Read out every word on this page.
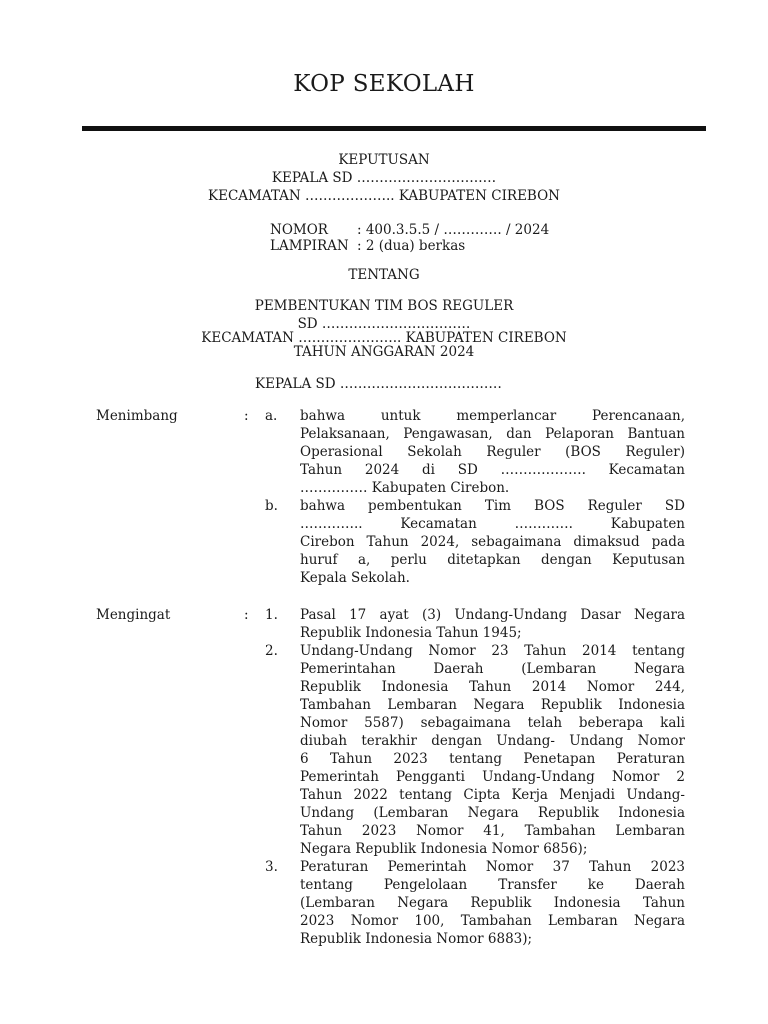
KOP SEKOLAH
KEPUTUSAN
KEPALA SD ……………………….…
KECAMATAN ……………….. KABUPATEN CIREBON
NOMOR : 400.3.5.5 / …………. / 2024
LAMPIRAN : 2 (dua) berkas
TENTANG
PEMBENTUKAN TIM BOS REGULER
SD ……………………………
KECAMATAN ………………….. KABUPATEN CIREBON
TAHUN ANGGARAN 2024
KEPALA SD ………………………………
Menimbang	: a. bahwa untuk memperlancar Perencanaan,
Pelaksanaan, Pengawasan, dan Pelaporan Bantuan
Operasional Sekolah Reguler (BOS Reguler)
Tahun 2024 di SD ………………. Kecamatan
…………… Kabupaten Cirebon.
b. bahwa pembentukan Tim BOS Reguler SD
………….. Kecamatan …………. Kabupaten
Cirebon Tahun 2024, sebagaimana dimaksud pada
huruf a, perlu ditetapkan dengan Keputusan
Kepala Sekolah.
Mengingat	: 1. Pasal 17 ayat (3) Undang-Undang Dasar Negara
Republik Indonesia Tahun 1945;
2. Undang-Undang Nomor 23 Tahun 2014 tentang
Pemerintahan Daerah (Lembaran Negara
Republik Indonesia Tahun 2014 Nomor 244,
Tambahan Lembaran Negara Republik Indonesia
Nomor 5587) sebagaimana telah beberapa kali
diubah terakhir dengan Undang- Undang Nomor
6 Tahun 2023 tentang Penetapan Peraturan
Pemerintah Pengganti Undang-Undang Nomor 2
Tahun 2022 tentang Cipta Kerja Menjadi Undang-
Undang (Lembaran Negara Republik Indonesia
Tahun 2023 Nomor 41, Tambahan Lembaran
Negara Republik Indonesia Nomor 6856);
3. Peraturan Pemerintah Nomor 37 Tahun 2023
tentang Pengelolaan Transfer ke Daerah
(Lembaran Negara Republik Indonesia Tahun
2023 Nomor 100, Tambahan Lembaran Negara
Republik Indonesia Nomor 6883);
